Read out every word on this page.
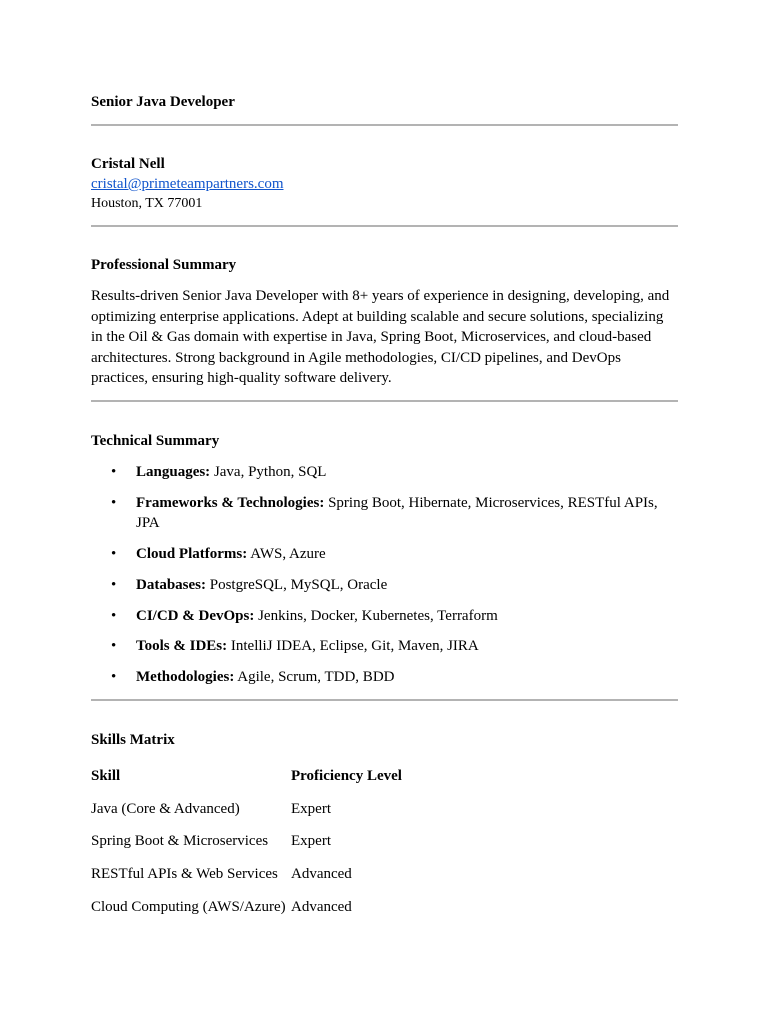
Senior Java Developer
Cristal Nell
cristal@primeteampartners.com
Houston, TX 77001
Professional Summary
Results-driven Senior Java Developer with 8+ years of experience in designing, developing, and optimizing enterprise applications. Adept at building scalable and secure solutions, specializing in the Oil & Gas domain with expertise in Java, Spring Boot, Microservices, and cloud-based architectures. Strong background in Agile methodologies, CI/CD pipelines, and DevOps practices, ensuring high-quality software delivery.
Technical Summary
• Languages: Java, Python, SQL
• Frameworks & Technologies: Spring Boot, Hibernate, Microservices, RESTful APIs, JPA
• Cloud Platforms: AWS, Azure
• Databases: PostgreSQL, MySQL, Oracle
• CI/CD & DevOps: Jenkins, Docker, Kubernetes, Terraform
• Tools & IDEs: IntelliJ IDEA, Eclipse, Git, Maven, JIRA
• Methodologies: Agile, Scrum, TDD, BDD
Skills Matrix
Skill	Proficiency Level
Java (Core & Advanced)	Expert
Spring Boot & Microservices	Expert
RESTful APIs & Web Services	Advanced
Cloud Computing (AWS/Azure)	Advanced
